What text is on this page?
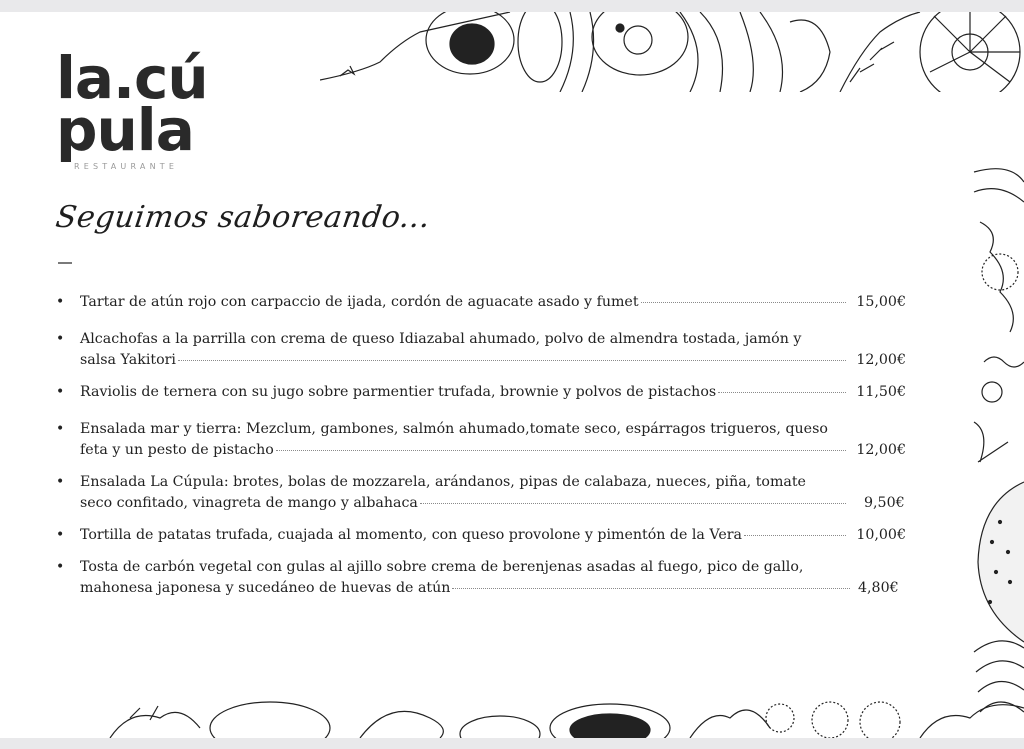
la.cú
pula
RESTAURANTE
Seguimos saboreando...
• Tartar de atún rojo con carpaccio de ijada, cordón de aguacate asado y fumet	15,00€
• Alcachofas a la parrilla con crema de queso Idiazabal ahumado, polvo de almendra tostada, jamón y
salsa Yakitori	12,00€
• Raviolis de ternera con su jugo sobre parmentier trufada, brownie y polvos de pistachos	11,50€
• Ensalada mar y tierra: Mezclum, gambones, salmón ahumado,tomate seco, espárragos trigueros, queso
feta y un pesto de pistacho	12,00€
• Ensalada La Cúpula: brotes, bolas de mozzarela, arándanos, pipas de calabaza, nueces, piña, tomate
seco confitado, vinagreta de mango y albahaca	9,50€
• Tortilla de patatas trufada, cuajada al momento, con queso provolone y pimentón de la Vera	10,00€
• Tosta de carbón vegetal con gulas al ajillo sobre crema de berenjenas asadas al fuego, pico de gallo,
mahonesa japonesa y sucedáneo de huevas de atún	4,80€
